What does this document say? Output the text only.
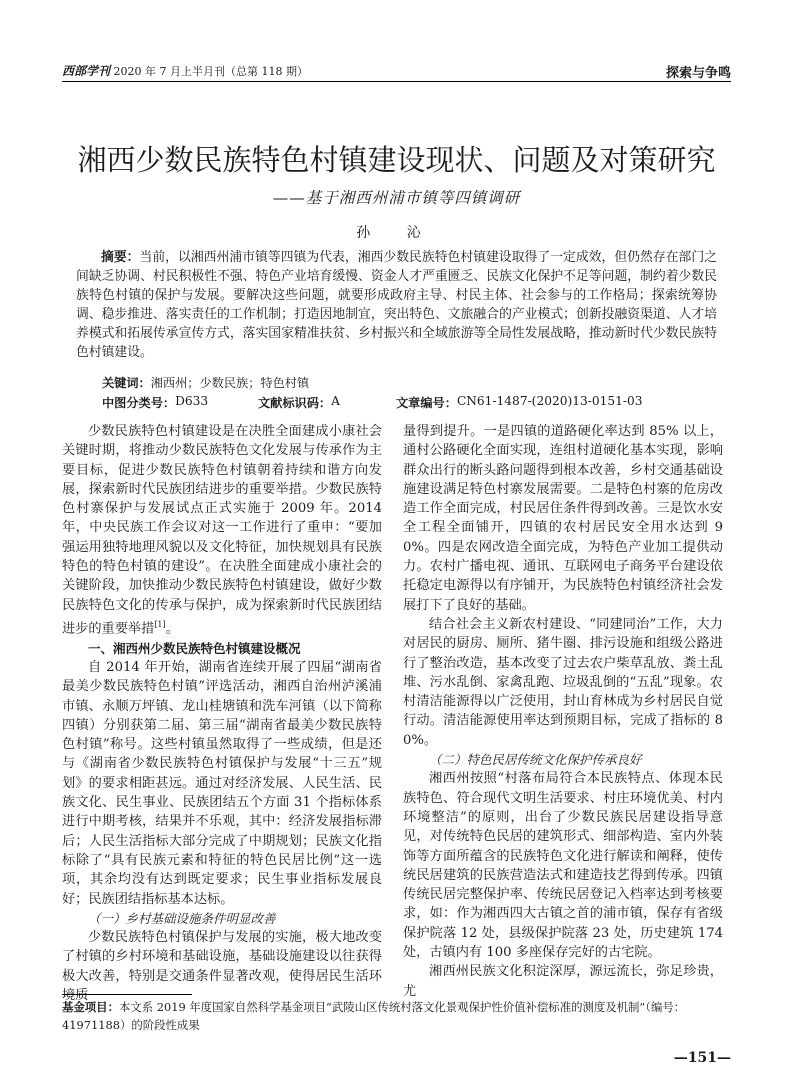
西部学刊 2020 年 7 月上半月刊（总第 118 期）	探索与争鸣
湘西少数民族特色村镇建设现状、问题及对策研究
——基于湘西州浦市镇等四镇调研
孙 沁
摘要：当前，以湘西州浦市镇等四镇为代表，湘西少数民族特色村镇建设取得了一定成效，但仍然存在部门之间缺乏协调、村民积极性不强、特色产业培育缓慢、资金人才严重匮乏、民族文化保护不足等问题，制约着少数民族特色村镇的保护与发展。要解决这些问题，就要形成政府主导、村民主体、社会参与的工作格局；探索统筹协调、稳步推进、落实责任的工作机制；打造因地制宜，突出特色、文旅融合的产业模式；创新投融资渠道、人才培养模式和拓展传承宣传方式，落实国家精准扶贫、乡村振兴和全域旅游等全局性发展战略，推动新时代少数民族特色村镇建设。
关键词：湘西州；少数民族；特色村镇
中图分类号： D633	文献标识码： A	文章编号： CN61-1487-(2020)13-0151-03

少数民族特色村镇建设是在决胜全面建成小康社会关键时期，将推动少数民族特色文化发展与传承作为主要目标，促进少数民族特色村镇朝着持续和谐方向发展，探索新时代民族团结进步的重要举措。少数民族特色村寨保护与发展试点正式实施于 2009 年。2014 年，中央民族工作会议对这一工作进行了重申：“要加强运用独特地理风貌以及文化特征，加快规划具有民族特色的特色村镇的建设”。在决胜全面建成小康社会的关键阶段，加快推动少数民族特色村镇建设，做好少数民族特色文化的传承与保护，成为探索新时代民族团结进步的重要举措[1]。

一、湘西州少数民族特色村镇建设概况

自 2014 年开始，湖南省连续开展了四届“湖南省最美少数民族特色村镇”评选活动，湘西自治州泸溪浦市镇、永顺万坪镇、龙山桂塘镇和洗车河镇（以下简称四镇）分别获第二届、第三届“湖南省最美少数民族特色村镇”称号。这些村镇虽然取得了一些成绩，但是还与《湖南省少数民族特色村镇保护与发展“十三五”规划》的要求相距甚远。通过对经济发展、人民生活、民族文化、民生事业、民族团结五个方面 31 个指标体系进行中期考核，结果并不乐观，其中：经济发展指标滞后；人民生活指标大部分完成了中期规划；民族文化指标除了“具有民族元素和特征的特色民居比例”这一选项，其余均没有达到既定要求；民生事业指标发展良好；民族团结指标基本达标。

（一）乡村基础设施条件明显改善

少数民族特色村镇保护与发展的实施，极大地改变了村镇的乡村环境和基础设施，基础设施建设以往获得极大改善，特别是交通条件显著改观，使得居民生活环境质

量得到提升。一是四镇的道路硬化率达到 85% 以上，通村公路硬化全面实现，连组村道硬化基本实现，影响群众出行的断头路问题得到根本改善，乡村交通基础设施建设满足特色村寨发展需要。二是特色村寨的危房改造工作全面完成，村民居住条件得到改善。三是饮水安全工程全面铺开，四镇的农村居民安全用水达到 90%。四是农网改造全面完成，为特色产业加工提供动力。农村广播电视、通讯、互联网电子商务平台建设依托稳定电源得以有序铺开，为民族特色村镇经济社会发展打下了良好的基础。

结合社会主义新农村建设、“同建同治”工作，大力对居民的厨房、厕所、猪牛圈、排污设施和组级公路进行了整治改造，基本改变了过去农户柴草乱放、粪土乱堆、污水乱倒、家禽乱跑、垃圾乱倒的“五乱”现象。农村清洁能源得以广泛使用，封山育林成为乡村居民自觉行动。清洁能源使用率达到预期目标，完成了指标的 80%。

（二）特色民居传统文化保护传承良好

湘西州按照“村落布局符合本民族特点、体现本民族特色、符合现代文明生活要求、村庄环境优美、村内环境整洁”的原则，出台了少数民族民居建设指导意见，对传统特色民居的建筑形式、细部构造、室内外装饰等方面所蕴含的民族特色文化进行解读和阐释，使传统民居建筑的民族营造法式和建造技艺得到传承。四镇传统民居完整保护率、传统民居登记入档率达到考核要求，如：作为湘西四大古镇之首的浦市镇，保存有省级保护院落 12 处，县级保护院落 23 处，历史建筑 174 处，古镇内有 100 多座保存完好的古宅院。

湘西州民族文化积淀深厚，源远流长，弥足珍贵，尤

基金项目：本文系 2019 年度国家自然科学基金项目“武陵山区传统村落文化景观保护性价值补偿标准的测度及机制”（编号：41971188）的阶段性成果
—151—
